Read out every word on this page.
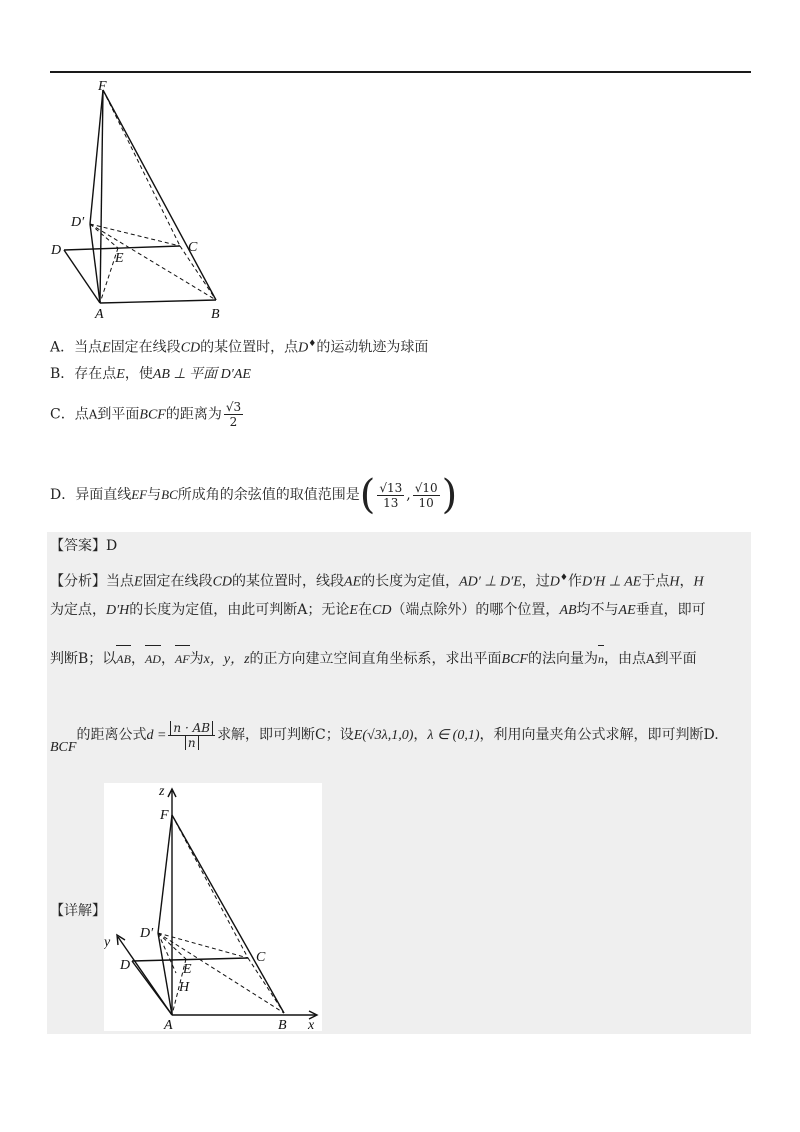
F
D′
D	C
E
A	B
A．当点E固定在线段CD的某位置时，点D♦的运动轨迹为球面
B．存在点E，使AB ⊥ 平面 D′AE
C．点A到平面BCF的距离为 $\frac{√3}{2}$
D．异面直线EF与BC所成角的余弦值的取值范围是( $\frac{√13}{13}$ , $\frac{√10}{10}$ )
【答案】D
【分析】当点E固定在线段CD的某位置时，线段AE的长度为定值，AD′ ⊥ D′E，过D♦作D′H ⊥ AE于点H，H
为定点，D′H的长度为定值，由此可判断A；无论E在CD（端点除外）的哪个位置，AB均不与AE垂直，即可
判断B；以AB，AD，AF为x，y，z的正方向建立空间直角坐标系，求出平面BCF的法向量为n，由点A到平面
BCF的距离公式$d = \frac{n \cdot AB}{n}$ 求解，即可判断C；设E(√3λ,1,0)，λ ∈ (0,1)，利用向量夹角公式求解，即可判断D.
【详解】
z
F
D′
y
D
C
E
H
A	B x
